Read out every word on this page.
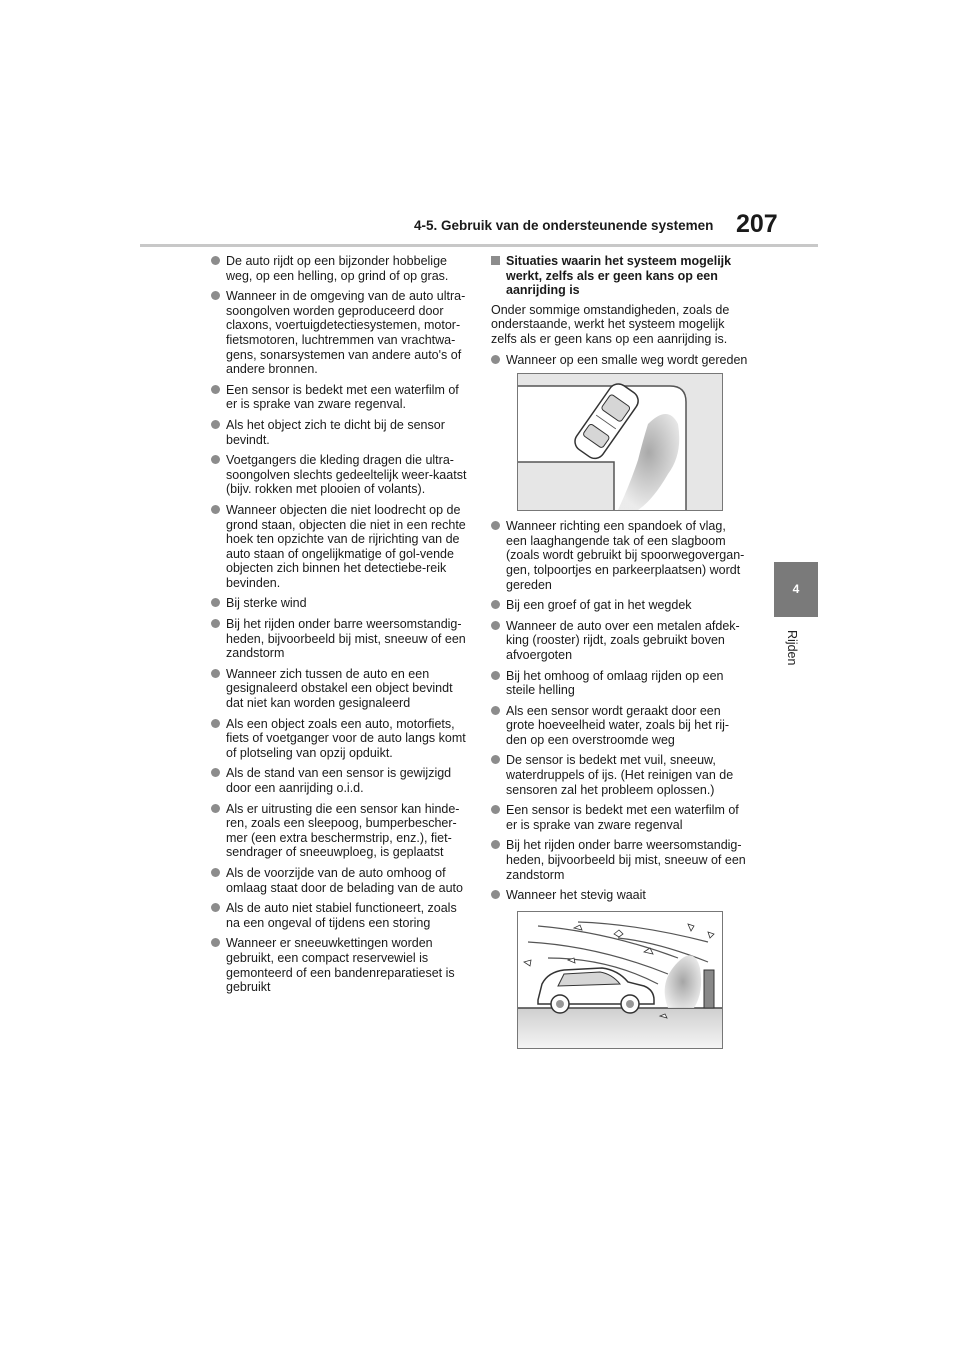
4-5. Gebruik van de ondersteunende systemen 207
4
Rijden
De auto rijdt op een bijzonder hobbelige weg, op een helling, op grind of op gras.
Wanneer in de omgeving van de auto ultra-soongolven worden geproduceerd door claxons, voertuigdetectiesystemen, motor-fietsmotoren, luchtremmen van vrachtwa-gens, sonarsystemen van andere auto's of andere bronnen.
Een sensor is bedekt met een waterfilm of er is sprake van zware regenval.
Als het object zich te dicht bij de sensor bevindt.
Voetgangers die kleding dragen die ultra-soongolven slechts gedeeltelijk weer-kaatst (bijv. rokken met plooien of volants).
Wanneer objecten die niet loodrecht op de grond staan, objecten die niet in een rechte hoek ten opzichte van de rijrichting van de auto staan of ongelijkmatige of gol-vende objecten zich binnen het detectiebe-reik bevinden.
Bij sterke wind
Bij het rijden onder barre weersomstandig-heden, bijvoorbeeld bij mist, sneeuw of een zandstorm
Wanneer zich tussen de auto en een gesignaleerd obstakel een object bevindt dat niet kan worden gesignaleerd
Als een object zoals een auto, motorfiets, fiets of voetganger voor de auto langs komt of plotseling van opzij opduikt.
Als de stand van een sensor is gewijzigd door een aanrijding o.i.d.
Als er uitrusting die een sensor kan hinde-ren, zoals een sleepoog, bumperbescher-mer (een extra beschermstrip, enz.), fiet-sendrager of sneeuwploeg, is geplaatst
Als de voorzijde van de auto omhoog of omlaag staat door de belading van de auto
Als de auto niet stabiel functioneert, zoals na een ongeval of tijdens een storing
Wanneer er sneeuwkettingen worden gebruikt, een compact reservewiel is gemonteerd of een bandenreparatieset is gebruikt
Situaties waarin het systeem mogelijk werkt, zelfs als er geen kans op een aanrijding is
Onder sommige omstandigheden, zoals de onderstaande, werkt het systeem mogelijk zelfs als er geen kans op een aanrijding is.
Wanneer op een smalle weg wordt gereden
Wanneer richting een spandoek of vlag, een laaghangende tak of een slagboom (zoals wordt gebruikt bij spoorwegovergan-gen, tolpoortjes en parkeerplaatsen) wordt gereden
Bij een groef of gat in het wegdek
Wanneer de auto over een metalen afdek-king (rooster) rijdt, zoals gebruikt boven afvoergoten
Bij het omhoog of omlaag rijden op een steile helling
Als een sensor wordt geraakt door een grote hoeveelheid water, zoals bij het rij-den op een overstroomde weg
De sensor is bedekt met vuil, sneeuw, waterdruppels of ijs. (Het reinigen van de sensoren zal het probleem oplossen.)
Een sensor is bedekt met een waterfilm of er is sprake van zware regenval
Bij het rijden onder barre weersomstandig-heden, bijvoorbeeld bij mist, sneeuw of een zandstorm
Wanneer het stevig waait
